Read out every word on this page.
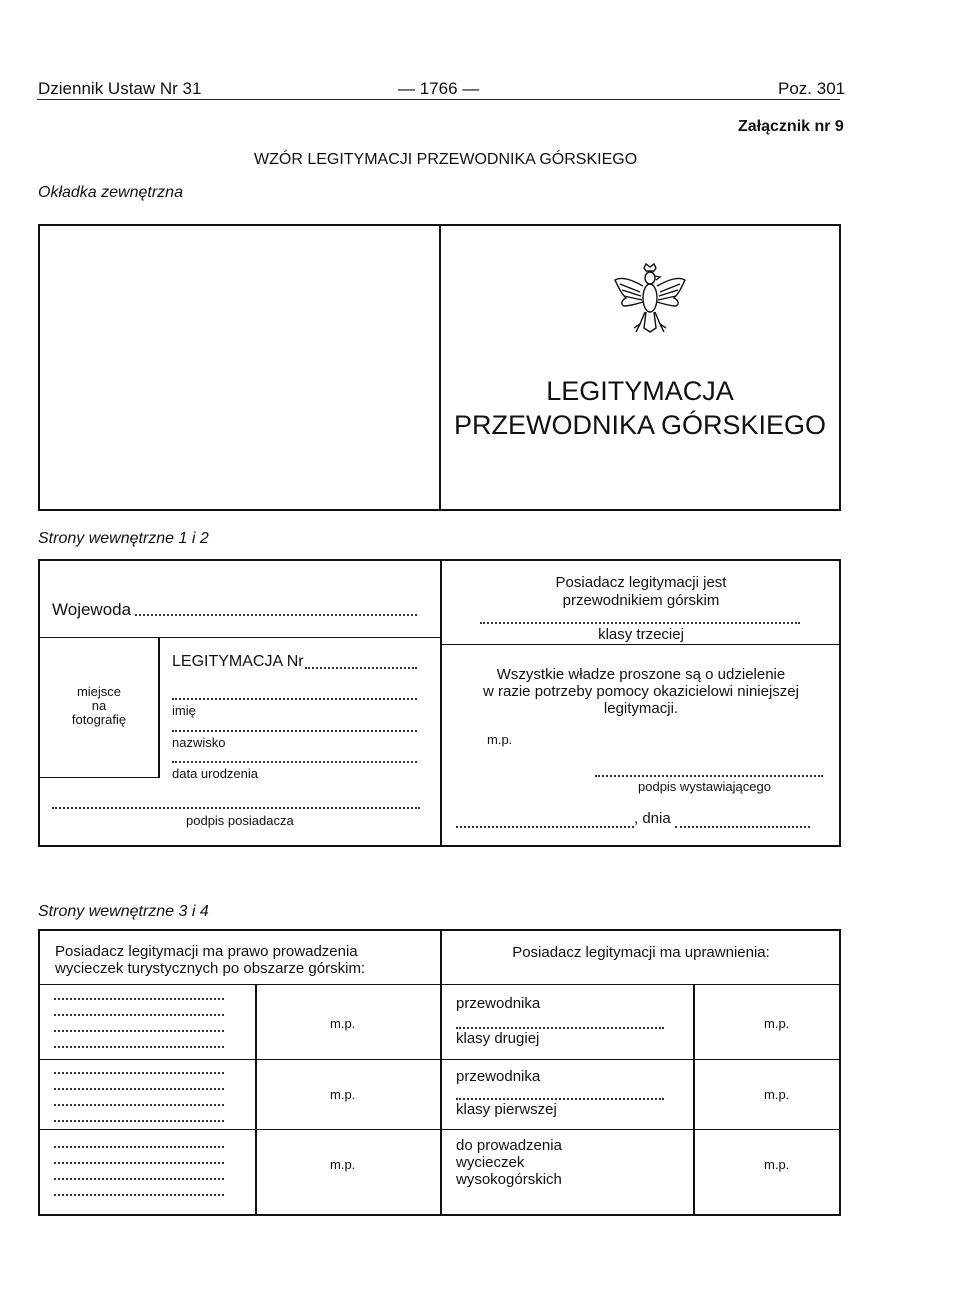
Dziennik Ustaw Nr 31	— 1766 —	Poz. 301
Załącznik nr 9
WZÓR LEGITYMACJI PRZEWODNIKA GÓRSKIEGO
Okładka zewnętrzna
LEGITYMACJA
PRZEWODNIKA GÓRSKIEGO
Strony wewnętrzne 1 i 2
Wojewoda
miejsce
na
fotografię
LEGITYMACJA Nr
imię
nazwisko
data urodzenia
podpis posiadacza
Posiadacz legitymacji jest
przewodnikiem górskim
klasy trzeciej
Wszystkie władze proszone są o udzielenie
w razie potrzeby pomocy okazicielowi niniejszej
legitymacji.
m.p.
podpis wystawiającego
, dnia
Strony wewnętrzne 3 i 4
Posiadacz legitymacji ma prawo prowadzenia
wycieczek turystycznych po obszarze górskim:
m.p.
m.p.
m.p.
Posiadacz legitymacji ma uprawnienia:
przewodnika
klasy drugiej
m.p.
przewodnika
klasy pierwszej
m.p.
do prowadzenia
wycieczek
wysokogórskich
m.p.
